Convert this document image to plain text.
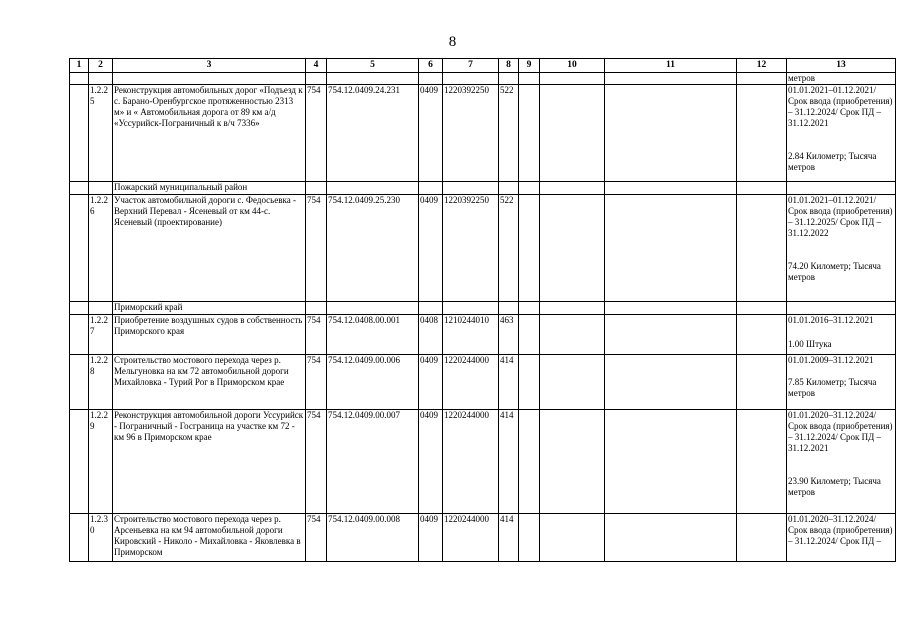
8
1	2	3	4	5	6	7	8	9	10	11	12	13
												метров
	1.2.25	Реконструкция автомобильных дорог «Подъезд к с. Барано-Оренбургское протяженностью 2313 м» и « Автомобильная дорога от 89 км а/д «Уссурийск-Пограничный к в/ч 7336»	754	754.12.0409.24.231	0409	1220392250	522					01.01.2021–01.12.2021/ Срок ввода (приобретения) – 31.12.2024/ Срок ПД – 31.12.2021
2.84 Километр; Тысяча метров

		Пожарский муниципальный район										
	1.2.26	Участок автомобильной дороги с. Федосьевка - Верхний Перевал - Ясеневый от км 44-с. Ясеневый (проектирование)	754	754.12.0409.25.230	0409	1220392250	522					01.01.2021–01.12.2021/ Срок ввода (приобретения) – 31.12.2025/ Срок ПД – 31.12.2022
74.20 Километр; Тысяча метров

		Приморский край										
	1.2.27	Приобретение воздушных судов в собственность Приморского края	754	754.12.0408.00.001	0408	1210244010	463					01.01.2016–31.12.2021
1.00 Штука

	1.2.28	Строительство мостового перехода через р. Мельгуновка на км 72 автомобильной дороги Михайловка - Турий Рог в Приморском крае	754	754.12.0409.00.006	0409	1220244000	414					01.01.2009–31.12.2021
7.85 Километр; Тысяча метров

	1.2.29	Реконструкция автомобильной дороги Уссурийск - Пограничный - Госграница на участке км 72 - км 96 в Приморском крае	754	754.12.0409.00.007	0409	1220244000	414					01.01.2020–31.12.2024/ Срок ввода (приобретения) – 31.12.2024/ Срок ПД – 31.12.2021
23.90 Километр; Тысяча метров

	1.2.30	Строительство мостового перехода через р. Арсеньевка на км 94 автомобильной дороги Кировский - Николо - Михайловка - Яковлевка в Приморском	754	754.12.0409.00.008	0409	1220244000	414					01.01.2020–31.12.2024/ Срок ввода (приобретения) – 31.12.2024/ Срок ПД –
